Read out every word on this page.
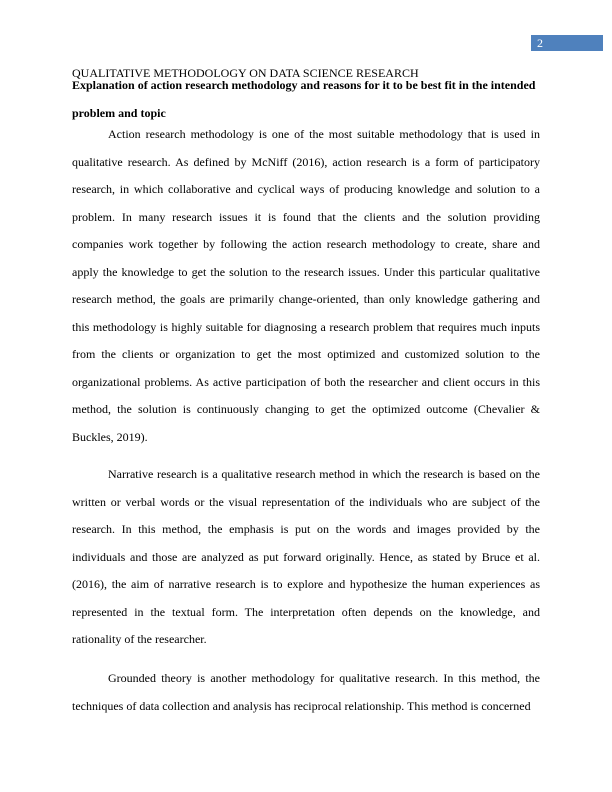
2
QUALITATIVE METHODOLOGY ON DATA SCIENCE RESEARCH

Explanation of action research methodology and reasons for it to be best fit in the intended problem and topic

Action research methodology is one of the most suitable methodology that is used in qualitative research. As defined by McNiff (2016), action research is a form of participatory research, in which collaborative and cyclical ways of producing knowledge and solution to a problem. In many research issues it is found that the clients and the solution providing companies work together by following the action research methodology to create, share and apply the knowledge to get the solution to the research issues. Under this particular qualitative research method, the goals are primarily change-oriented, than only knowledge gathering and this methodology is highly suitable for diagnosing a research problem that requires much inputs from the clients or organization to get the most optimized and customized solution to the organizational problems. As active participation of both the researcher and client occurs in this method, the solution is continuously changing to get the optimized outcome (Chevalier & Buckles, 2019).

Narrative research is a qualitative research method in which the research is based on the written or verbal words or the visual representation of the individuals who are subject of the research. In this method, the emphasis is put on the words and images provided by the individuals and those are analyzed as put forward originally. Hence, as stated by Bruce et al. (2016), the aim of narrative research is to explore and hypothesize the human experiences as represented in the textual form. The interpretation often depends on the knowledge, and rationality of the researcher.

Grounded theory is another methodology for qualitative research. In this method, the techniques of data collection and analysis has reciprocal relationship. This method is concerned
